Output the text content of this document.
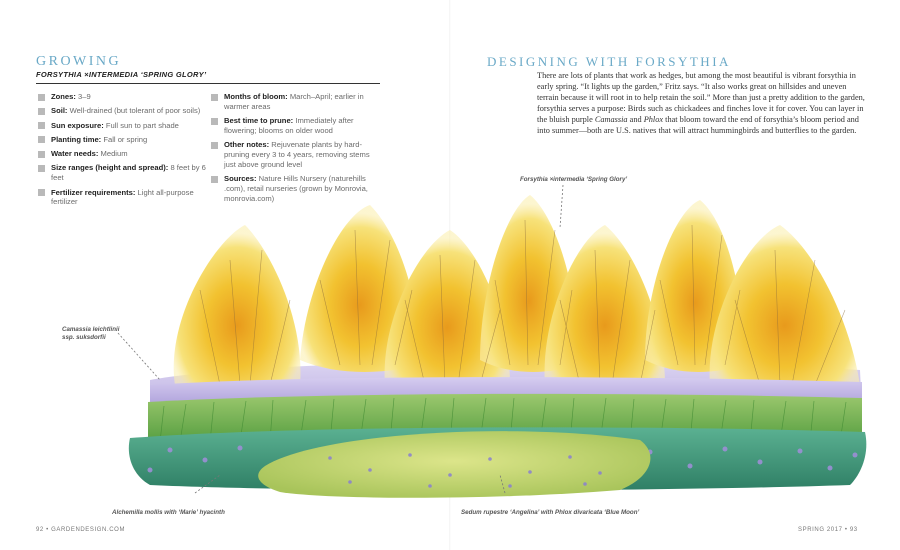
GROWING
FORSYTHIA ×INTERMEDIA ‘SPRING GLORY’
Zones: 3–9
Soil: Well-drained (but tolerant of poor soils)
Sun exposure: Full sun to part shade
Planting time: Fall or spring
Water needs: Medium
Size ranges (height and spread): 8 feet by 6 feet
Fertilizer requirements: Light all-purpose fertilizer
Months of bloom: March–April; earlier in warmer areas
Best time to prune: Immediately after flowering; blooms on older wood
Other notes: Rejuvenate plants by hard-pruning every 3 to 4 years, removing stems just above ground level
Sources: Nature Hills Nursery (naturehills .com), retail nurseries (grown by Monrovia, monrovia.com)
DESIGNING WITH FORSYTHIA
There are lots of plants that work as hedges, but among the most beautiful is vibrant forsythia in early spring. “It lights up the garden,” Fritz says. “It also works great on hillsides and uneven terrain because it will root in to help retain the soil.” More than just a pretty addition to the garden, forsythia serves a purpose: Birds such as chickadees and finches love it for cover. You can layer in the bluish purple Camassia and Phlox that bloom toward the end of forsythia’s bloom period and into summer—both are U.S. natives that will attract hummingbirds and butterflies to the garden.
Forsythia ×intermedia ‘Spring Glory’
Camassia leichtlinii
ssp. suksdorfii
Alchemilla mollis with ‘Marie’ hyacinth	Sedum rupestre ‘Angelina’ with Phlox divaricata ‘Blue Moon’
92 • GARDENDESIGN.COM	SPRING 2017 • 93
